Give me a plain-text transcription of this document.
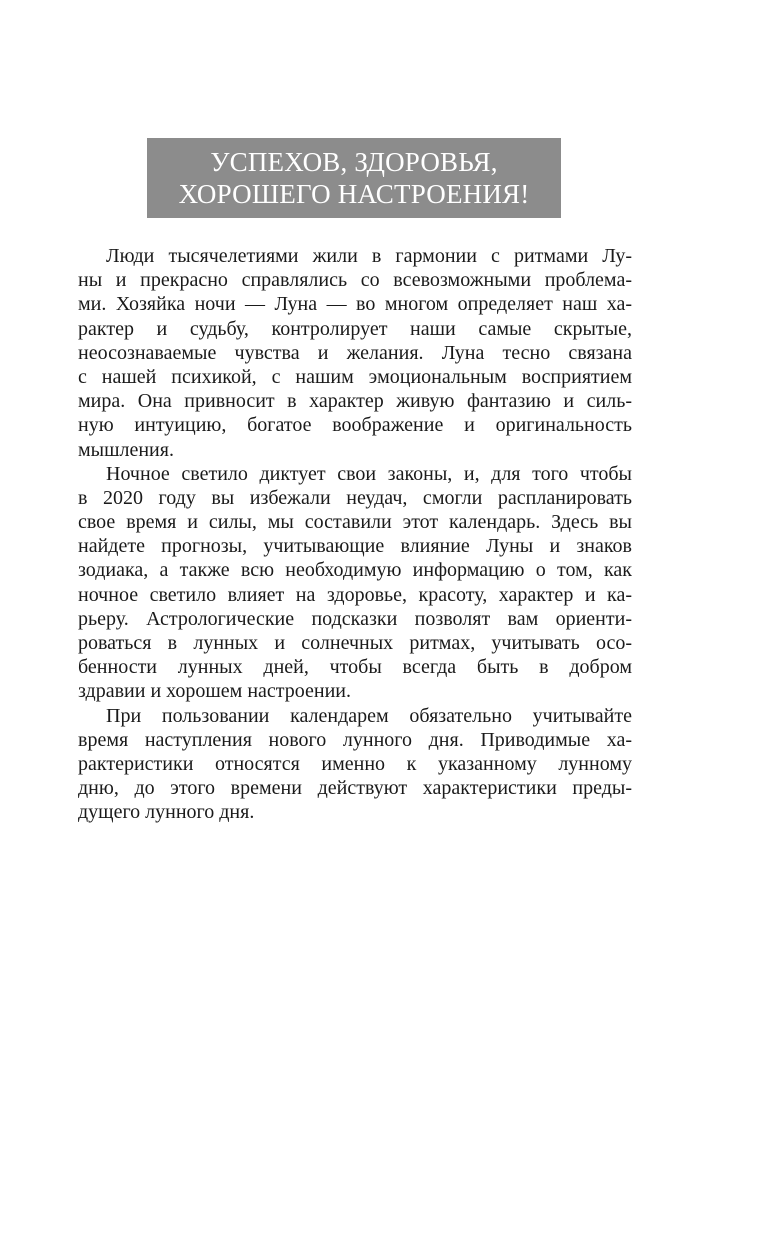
УСПЕХОВ, ЗДОРОВЬЯ,
ХОРОШЕГО НАСТРОЕНИЯ!
Люди тысячелетиями жили в гармонии с ритмами Лу-
ны и прекрасно справлялись со всевозможными проблема-
ми. Хозяйка ночи — Луна — во многом определяет наш ха-
рактер и судьбу, контролирует наши самые скрытые,
неосознаваемые чувства и желания. Луна тесно связана
с нашей психикой, с нашим эмоциональным восприятием
мира. Она привносит в характер живую фантазию и силь-
ную интуицию, богатое воображение и оригинальность
мышления.
Ночное светило диктует свои законы, и, для того чтобы
в 2020 году вы избежали неудач, смогли распланировать
свое время и силы, мы составили этот календарь. Здесь вы
найдете прогнозы, учитывающие влияние Луны и знаков
зодиака, а также всю необходимую информацию о том, как
ночное светило влияет на здоровье, красоту, характер и ка-
рьеру. Астрологические подсказки позволят вам ориенти-
роваться в лунных и солнечных ритмах, учитывать осо-
бенности лунных дней, чтобы всегда быть в добром
здравии и хорошем настроении.
При пользовании календарем обязательно учитывайте
время наступления нового лунного дня. Приводимые ха-
рактеристики относятся именно к указанному лунному
дню, до этого времени действуют характеристики преды-
дущего лунного дня.
